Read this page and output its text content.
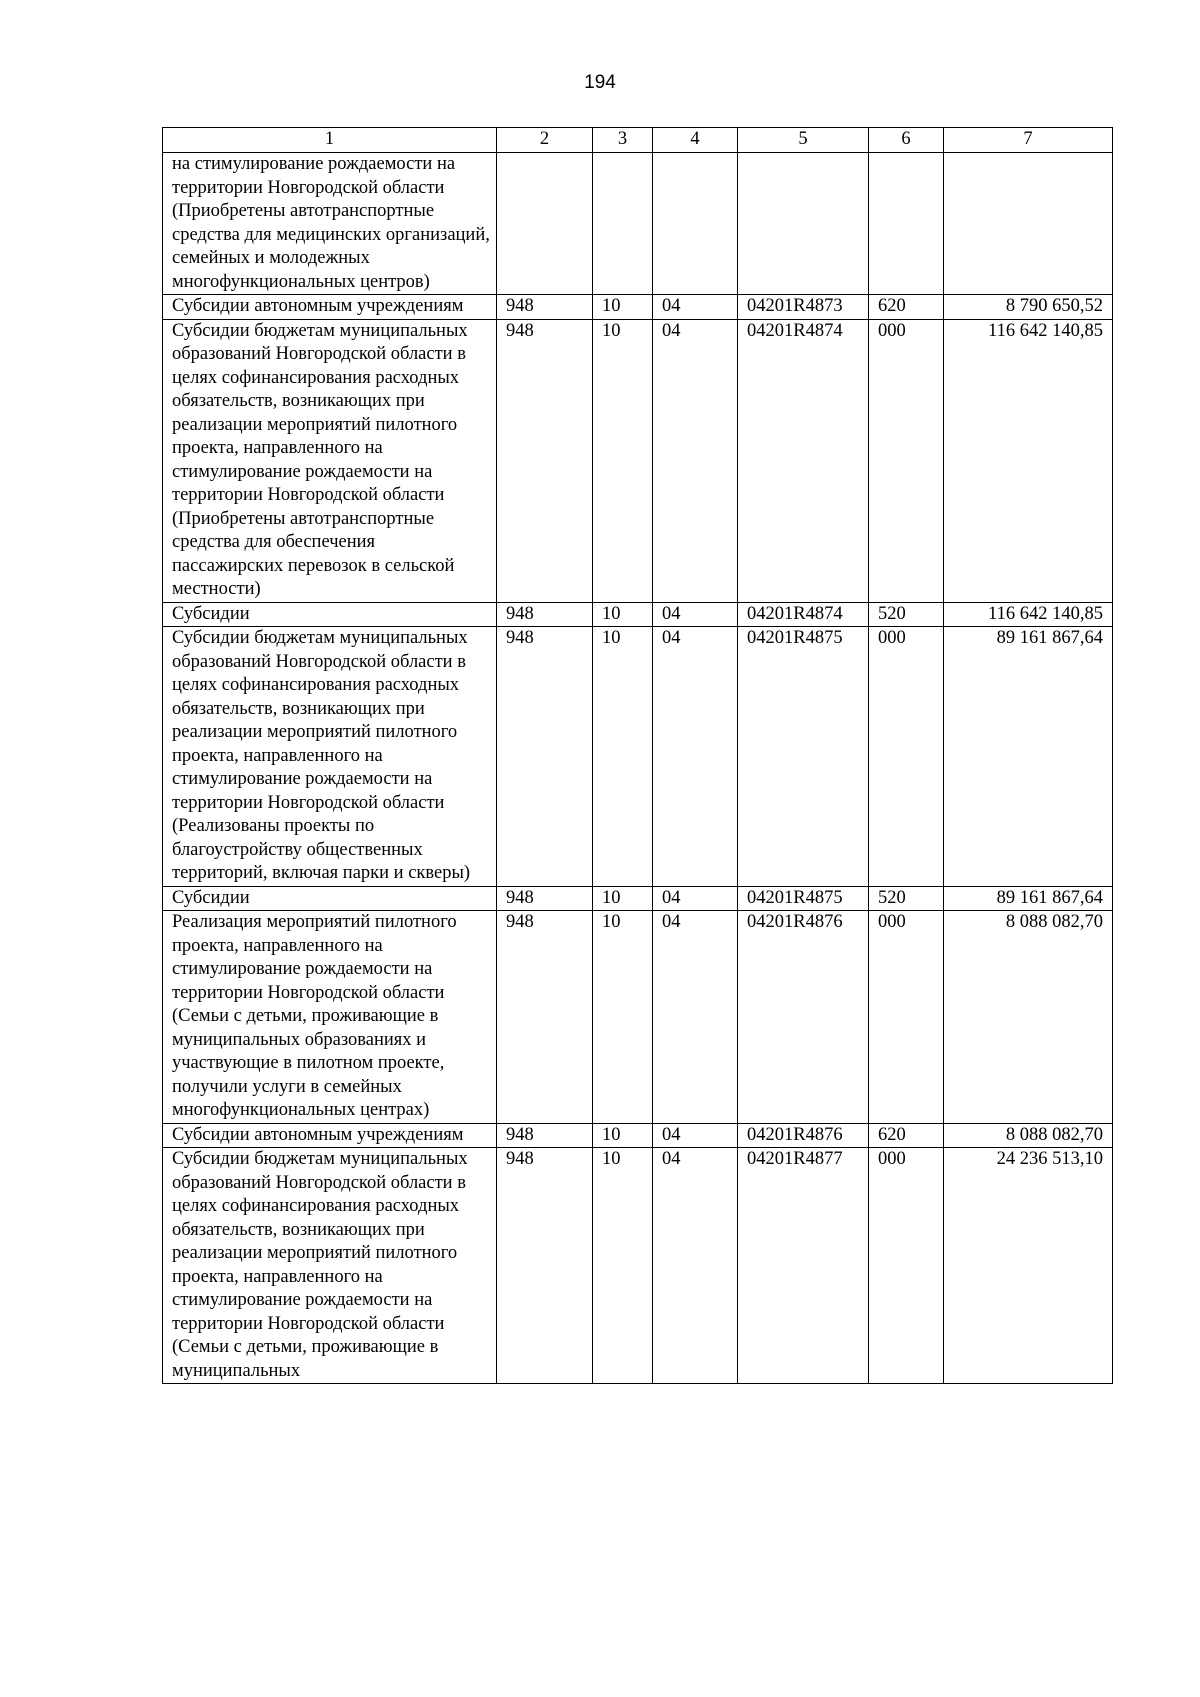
194
1	2	3	4	5	6	7
на стимулирование рождаемости на территории Новгородской области (Приобретены автотранспортные средства для медицинских организаций, семейных и молодежных многофункциональных центров)						
Субсидии автономным учреждениям	948	10	04	04201R4873	620	8 790 650,52
Субсидии бюджетам муниципальных образований Новгородской области в целях софинансирования расходных обязательств, возникающих при реализации мероприятий пилотного проекта, направленного на стимулирование рождаемости на территории Новгородской области (Приобретены автотранспортные средства для обеспечения пассажирских перевозок в сельской местности)	948	10	04	04201R4874	000	116 642 140,85
Субсидии	948	10	04	04201R4874	520	116 642 140,85
Субсидии бюджетам муниципальных образований Новгородской области в целях софинансирования расходных обязательств, возникающих при реализации мероприятий пилотного проекта, направленного на стимулирование рождаемости на территории Новгородской области (Реализованы проекты по благоустройству общественных территорий, включая парки и скверы)	948	10	04	04201R4875	000	89 161 867,64
Субсидии	948	10	04	04201R4875	520	89 161 867,64
Реализация мероприятий пилотного проекта, направленного на стимулирование рождаемости на территории Новгородской области (Семьи с детьми, проживающие в муниципальных образованиях и участвующие в пилотном проекте, получили услуги в семейных многофункциональных центрах)	948	10	04	04201R4876	000	8 088 082,70
Субсидии автономным учреждениям	948	10	04	04201R4876	620	8 088 082,70
Субсидии бюджетам муниципальных образований Новгородской области в целях софинансирования расходных обязательств, возникающих при реализации мероприятий пилотного проекта, направленного на стимулирование рождаемости на территории Новгородской области (Семьи с детьми, проживающие в муниципальных	948	10	04	04201R4877	000	24 236 513,10
